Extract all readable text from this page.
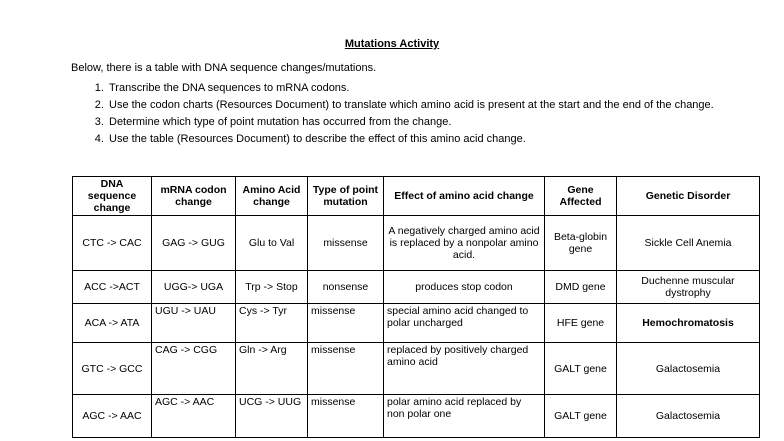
Mutations Activity
Below, there is a table with DNA sequence changes/mutations.
1. Transcribe the DNA sequences to mRNA codons.
2. Use the codon charts (Resources Document) to translate which amino acid is present at the start and the end of the change.
3. Determine which type of point mutation has occurred from the change.
4. Use the table (Resources Document) to describe the effect of this amino acid change.
DNA sequence change	mRNA codon change	Amino Acid change	Type of point mutation	Effect of amino acid change	Gene Affected	Genetic Disorder
CTC -> CAC	GAG -> GUG	Glu to Val	missense	A negatively charged amino acid is replaced by a nonpolar amino acid.	Beta-globin gene	Sickle Cell Anemia
ACC ->ACT	UGG-> UGA	Trp -> Stop	nonsense	produces stop codon	DMD gene	Duchenne muscular dystrophy
ACA -> ATA	UGU -> UAU	Cys -> Tyr	missense	special amino acid changed to polar uncharged	HFE gene	Hemochromatosis
GTC -> GCC	CAG -> CGG	Gln -> Arg	missense	replaced by positively charged amino acid	GALT gene	Galactosemia
AGC -> AAC	AGC -> AAC	UCG -> UUG	missense	polar amino acid replaced by non polar one	GALT gene	Galactosemia
